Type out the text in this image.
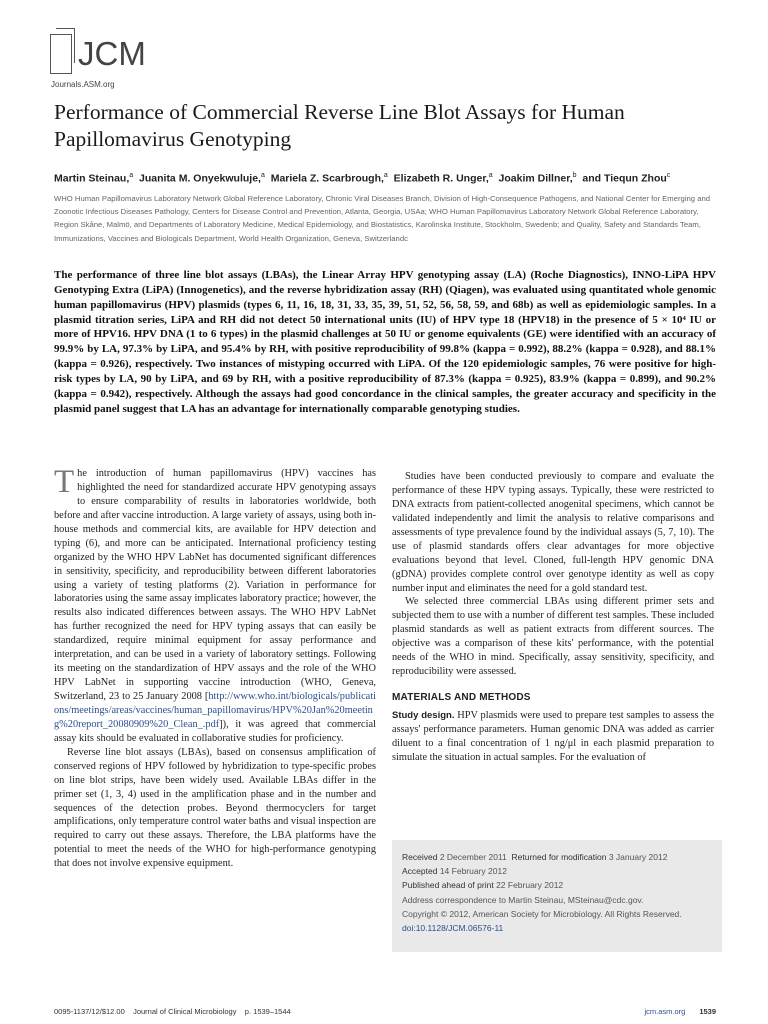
JCM
Journals.ASM.org
Performance of Commercial Reverse Line Blot Assays for Human Papillomavirus Genotyping
Martin Steinau,$^a$ Juanita M. Onyekwuluje,$^a$ Mariela Z. Scarbrough,$^a$ Elizabeth R. Unger,$^a$ Joakim Dillner,$^b$ and Tiequn Zhou$^c$
WHO Human Papillomavirus Laboratory Network Global Reference Laboratory, Chronic Viral Diseases Branch, Division of High-Consequence Pathogens, and National Center for Emerging and Zoonotic Infectious Diseases Pathology, Centers for Disease Control and Prevention, Atlanta, Georgia, USAa; WHO Human Papillomavirus Laboratory Network Global Reference Laboratory, Region Skåne, Malmö, and Departments of Laboratory Medicine, Medical Epidemiology, and Biostatistics, Karolinska Institute, Stockholm, Swedenb; and Quality, Safety and Standards Team, Immunizations, Vaccines and Biologicals Department, World Health Organization, Geneva, Switzerlandc
The performance of three line blot assays (LBAs), the Linear Array HPV genotyping assay (LA) (Roche Diagnostics), INNO-LiPA HPV Genotyping Extra (LiPA) (Innogenetics), and the reverse hybridization assay (RH) (Qiagen), was evaluated using quantitated whole genomic human papillomavirus (HPV) plasmids (types 6, 11, 16, 18, 31, 33, 35, 39, 51, 52, 56, 58, 59, and 68b) as well as epidemiologic samples. In a plasmid titration series, LiPA and RH did not detect 50 international units (IU) of HPV type 18 (HPV18) in the presence of 5 × 10⁴ IU or more of HPV16. HPV DNA (1 to 6 types) in the plasmid challenges at 50 IU or genome equivalents (GE) were identified with an accuracy of 99.9% by LA, 97.3% by LiPA, and 95.4% by RH, with positive reproducibility of 99.8% (kappa = 0.992), 88.2% (kappa = 0.928), and 88.1% (kappa = 0.926), respectively. Two instances of mistyping occurred with LiPA. Of the 120 epidemiologic samples, 76 were positive for high-risk types by LA, 90 by LiPA, and 69 by RH, with a positive reproducibility of 87.3% (kappa = 0.925), 83.9% (kappa = 0.899), and 90.2% (kappa = 0.942), respectively. Although the assays had good concordance in the clinical samples, the greater accuracy and specificity in the plasmid panel suggest that LA has an advantage for internationally comparable genotyping studies.

The introduction of human papillomavirus (HPV) vaccines has highlighted the need for standardized accurate HPV genotyping assays to ensure comparability of results in laboratories worldwide, both before and after vaccine introduction. A large variety of assays, using both in-house methods and commercial kits, are available for HPV detection and typing (6), and more can be anticipated. International proficiency testing organized by the WHO HPV LabNet has documented significant differences in sensitivity, specificity, and reproducibility between different laboratories using a variety of testing platforms (2). Variation in performance for laboratories using the same assay implicates laboratory practice; however, the results also indicated differences between assays. The WHO HPV LabNet has further recognized the need for HPV typing assays that can easily be standardized, require minimal equipment for assay performance and interpretation, and can be used in a variety of laboratory settings. Following its meeting on the standardization of HPV assays and the role of the WHO HPV LabNet in supporting vaccine introduction (WHO, Geneva, Switzerland, 23 to 25 January 2008 [http://www.who.int/biologicals/publications/meetings/areas/vaccines/human_papillomavirus/HPV%20Jan%20meeting%20report_20080909%20_Clean_.pdf]), it was agreed that commercial assay kits should be evaluated in collaborative studies for proficiency.

Reverse line blot assays (LBAs), based on consensus amplification of conserved regions of HPV followed by hybridization to type-specific probes on line blot strips, have been widely used. Available LBAs differ in the primer set (1, 3, 4) used in the amplification phase and in the number and sequences of the detection probes. Beyond thermocyclers for target amplifications, only temperature control water baths and visual inspection are required to carry out these assays. Therefore, the LBA platforms have the potential to meet the needs of the WHO for high-performance genotyping that does not involve expensive equipment.

Studies have been conducted previously to compare and evaluate the performance of these HPV typing assays. Typically, these were restricted to DNA extracts from patient-collected anogenital specimens, which cannot be validated independently and limit the analysis to relative comparisons and assessments of type prevalence found by the individual assays (5, 7, 10). The use of plasmid standards offers clear advantages for more objective evaluations beyond that level. Cloned, full-length HPV genomic DNA (gDNA) provides complete control over genotype identity as well as copy number input and eliminates the need for a gold standard test.

We selected three commercial LBAs using different primer sets and subjected them to use with a number of different test samples. These included plasmid standards as well as patient extracts from different sources. The objective was a comparison of these kits' performance, with the potential needs of the WHO in mind. Specifically, assay sensitivity, specificity, and reproducibility were assessed.

MATERIALS AND METHODS

Study design. HPV plasmids were used to prepare test samples to assess the assays' performance parameters. Human genomic DNA was added as carrier diluent to a final concentration of 1 ng/μl in each plasmid preparation to simulate the situation in actual samples. For the evaluation of

Received 2 December 2011 Returned for modification 3 January 2012
Accepted 14 February 2012
Published ahead of print 22 February 2012
Address correspondence to Martin Steinau, MSteinau@cdc.gov.
Copyright © 2012, American Society for Microbiology. All Rights Reserved.
doi:10.1128/JCM.06576-11
0095-1137/12/$12.00    Journal of Clinical Microbiology    p. 1539–1544	jcm.asm.org 1539
